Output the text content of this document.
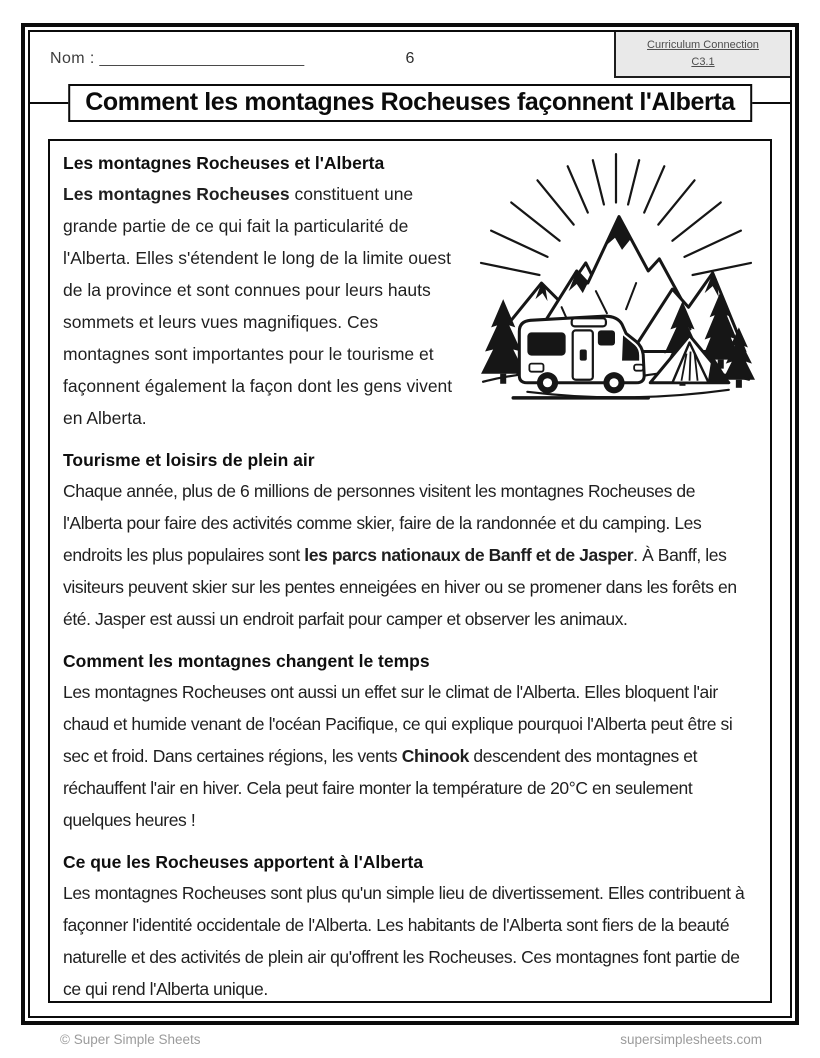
Nom : _______________________	6
Curriculum Connection
C3.1
Comment les montagnes Rocheuses façonnent l'Alberta
Les montagnes Rocheuses et l'Alberta

Les montagnes Rocheuses constituent une grande partie de ce qui fait la particularité de l'Alberta. Elles s'étendent le long de la limite ouest de la province et sont connues pour leurs hauts sommets et leurs vues magnifiques. Ces montagnes sont importantes pour le tourisme et façonnent également la façon dont les gens vivent en Alberta.

Tourisme et loisirs de plein air

Chaque année, plus de 6 millions de personnes visitent les montagnes Rocheuses de l'Alberta pour faire des activités comme skier, faire de la randonnée et du camping. Les endroits les plus populaires sont les parcs nationaux de Banff et de Jasper. À Banff, les visiteurs peuvent skier sur les pentes enneigées en hiver ou se promener dans les forêts en été. Jasper est aussi un endroit parfait pour camper et observer les animaux.

Comment les montagnes changent le temps

Les montagnes Rocheuses ont aussi un effet sur le climat de l'Alberta. Elles bloquent l'air chaud et humide venant de l'océan Pacifique, ce qui explique pourquoi l'Alberta peut être si sec et froid. Dans certaines régions, les vents Chinook descendent des montagnes et réchauffent l'air en hiver. Cela peut faire monter la température de 20°C en seulement quelques heures !

Ce que les Rocheuses apportent à l'Alberta

Les montagnes Rocheuses sont plus qu'un simple lieu de divertissement. Elles contribuent à façonner l'identité occidentale de l'Alberta. Les habitants de l'Alberta sont fiers de la beauté naturelle et des activités de plein air qu'offrent les Rocheuses. Ces montagnes font partie de ce qui rend l'Alberta unique.

© Super Simple Sheets	supersimplesheets.com
